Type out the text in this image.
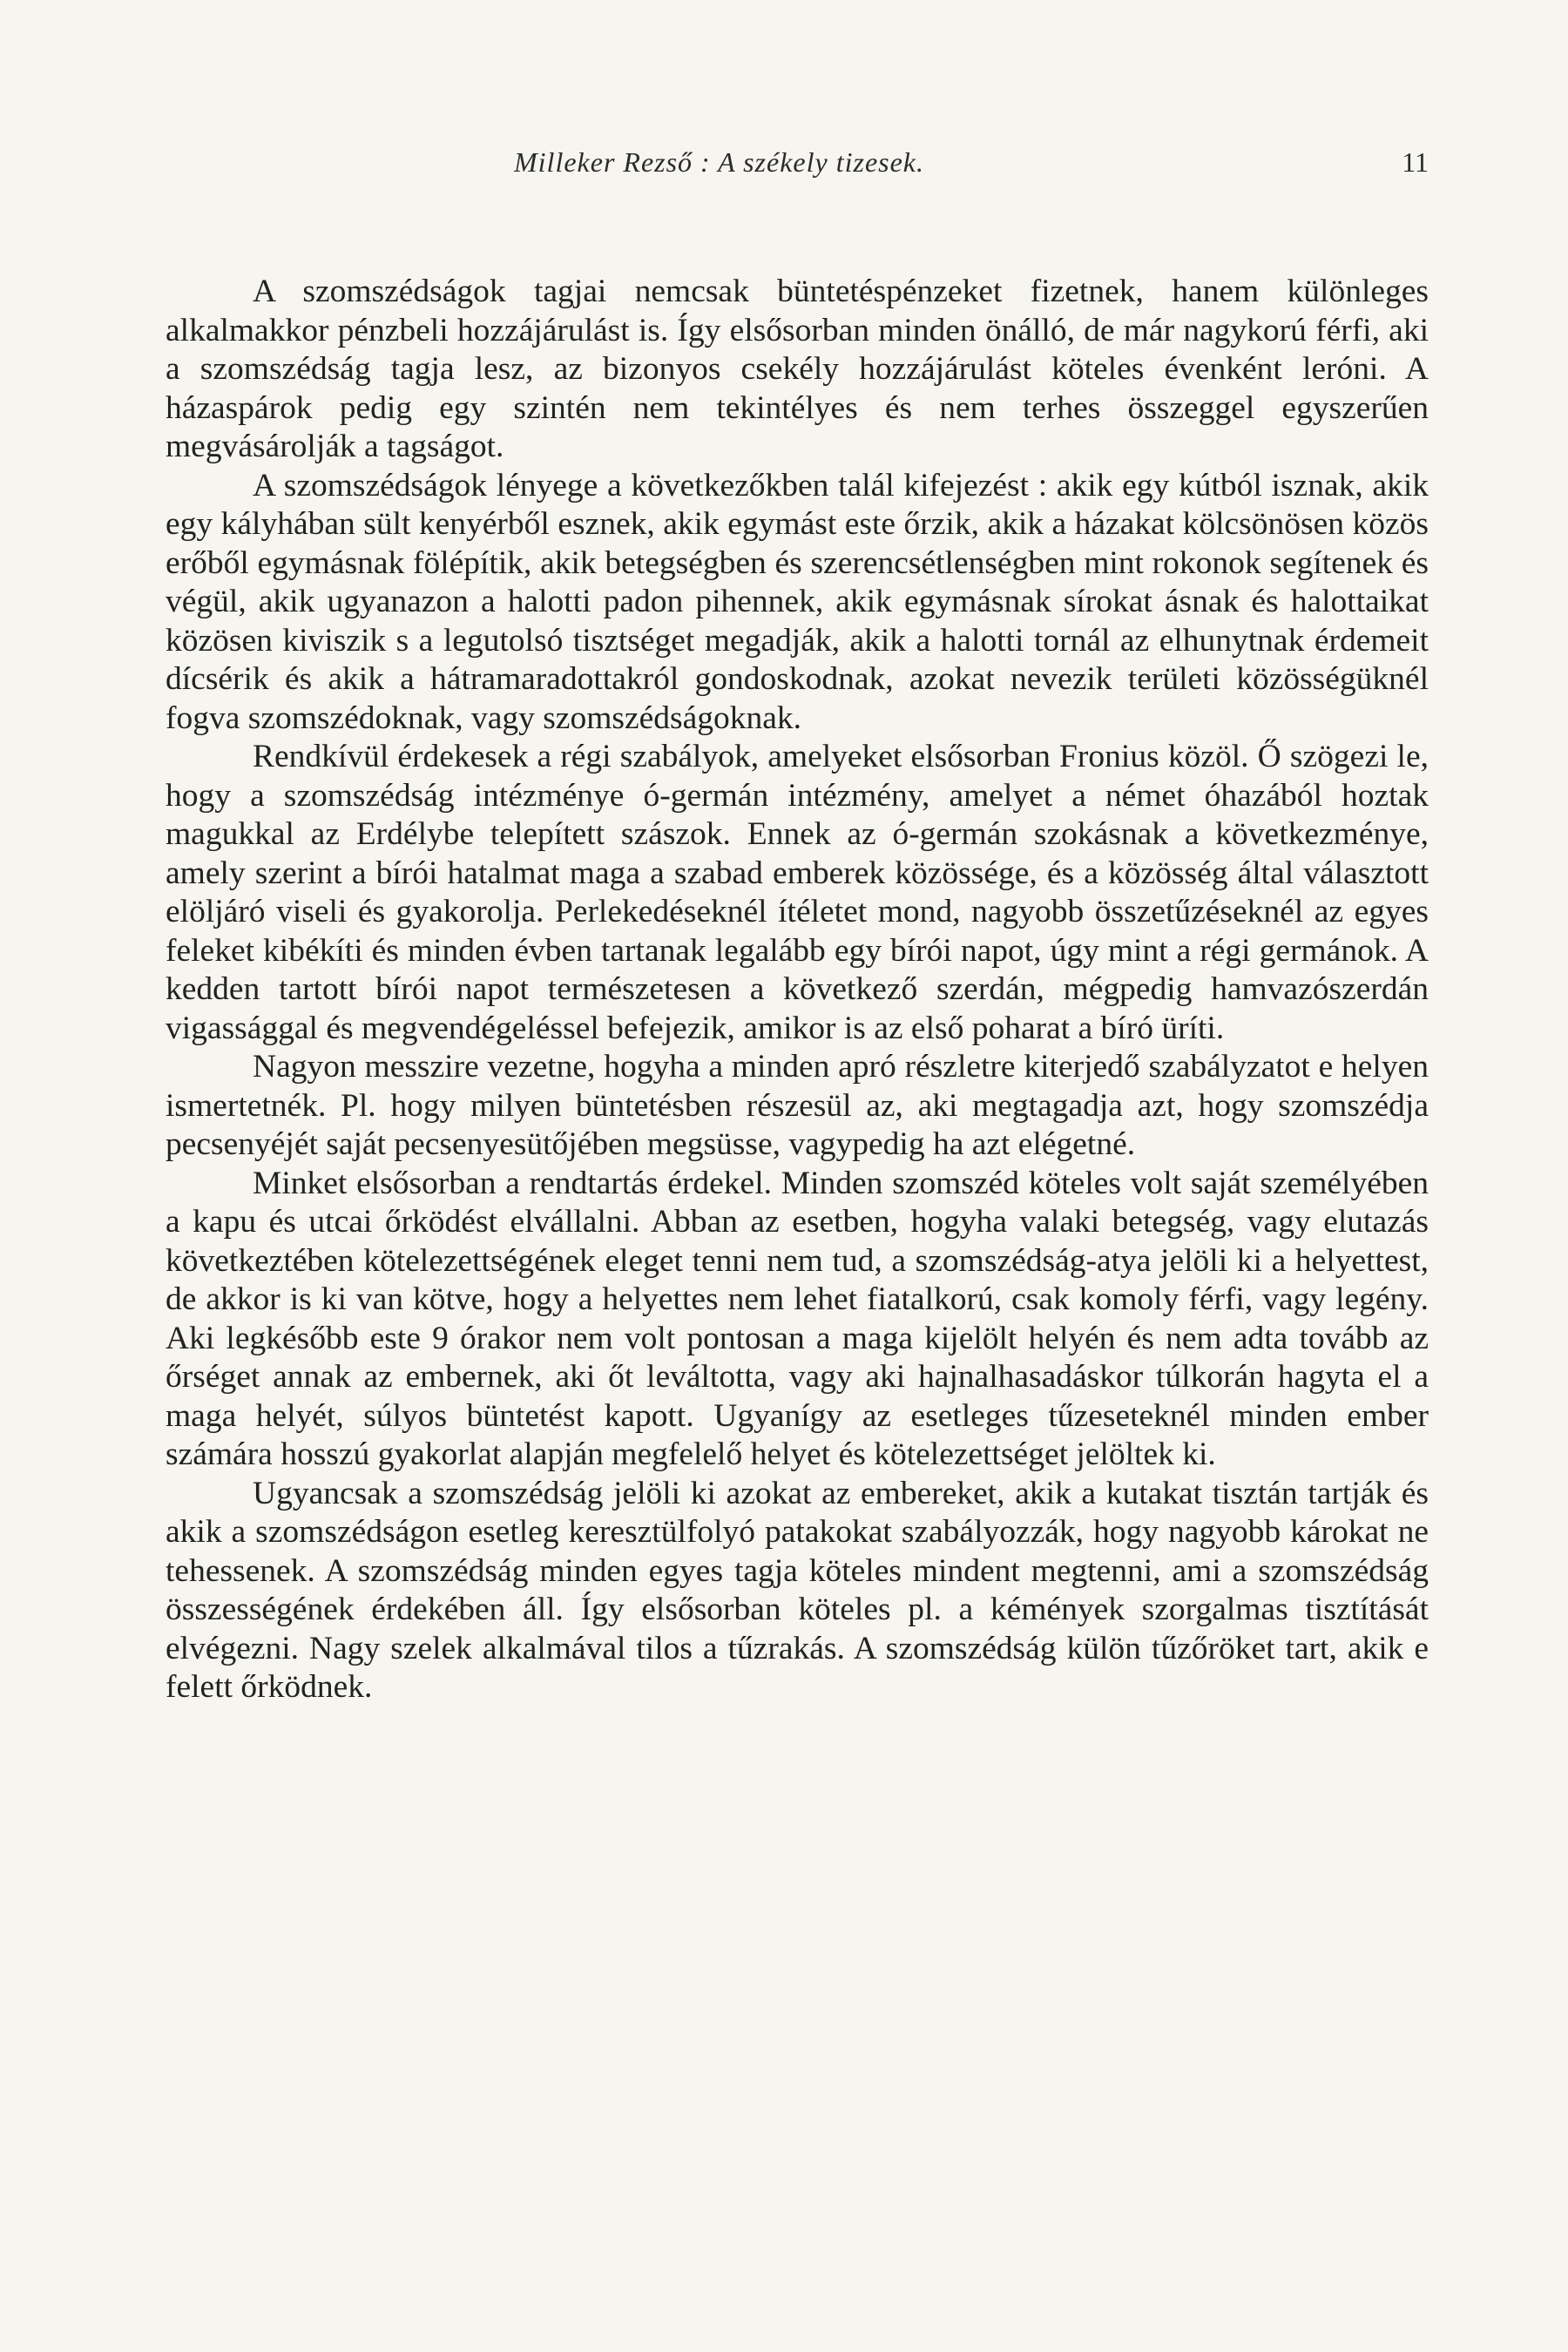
Milleker Rezső : A székely tizesek.	11

A szomszédságok tagjai nemcsak büntetéspénzeket fizetnek, hanem különleges alkalmakkor pénzbeli hozzájárulást is. Így elsősorban minden önálló, de már nagykorú férfi, aki a szomszédság tagja lesz, az bizonyos csekély hozzájárulást köteles évenként leróni. A házaspárok pedig egy szintén nem tekintélyes és nem terhes összeggel egyszerűen megvásárolják a tagságot.

A szomszédságok lényege a következőkben talál kifejezést : akik egy kútból isznak, akik egy kályhában sült kenyérből esznek, akik egymást este őrzik, akik a házakat kölcsönösen közös erőből egymásnak fölépítik, akik betegségben és szerencsétlenségben mint rokonok segítenek és végül, akik ugyanazon a halotti padon pihennek, akik egymásnak sírokat ásnak és halottaikat közösen kiviszik s a legutolsó tisztséget megadják, akik a halotti tornál az elhunytnak érdemeit dícsérik és akik a hátramaradottakról gondoskodnak, azokat nevezik területi közösségüknél fogva szomszédoknak, vagy szomszédságoknak.

Rendkívül érdekesek a régi szabályok, amelyeket elsősorban Fronius közöl. Ő szögezi le, hogy a szomszédság intézménye ó-germán intézmény, amelyet a német óhazából hoztak magukkal az Erdélybe telepített szászok. Ennek az ó-germán szokásnak a következménye, amely szerint a bírói hatalmat maga a szabad emberek közössége, és a közösség által választott elöljáró viseli és gyakorolja. Perlekedéseknél ítéletet mond, nagyobb összetűzéseknél az egyes feleket kibékíti és minden évben tartanak legalább egy bírói napot, úgy mint a régi germánok. A kedden tartott bírói napot természetesen a következő szerdán, mégpedig hamvazószerdán vigassággal és megvendégeléssel befejezik, amikor is az első poharat a bíró üríti.

Nagyon messzire vezetne, hogyha a minden apró részletre kiterjedő szabályzatot e helyen ismertetnék. Pl. hogy milyen büntetésben részesül az, aki megtagadja azt, hogy szomszédja pecsenyéjét saját pecsenyesütőjében megsüsse, vagypedig ha azt elégetné.

Minket elsősorban a rendtartás érdekel. Minden szomszéd köteles volt saját személyében a kapu és utcai őrködést elvállalni. Abban az esetben, hogyha valaki betegség, vagy elutazás következtében kötelezettségének eleget tenni nem tud, a szomszédság-atya jelöli ki a helyettest, de akkor is ki van kötve, hogy a helyettes nem lehet fiatalkorú, csak komoly férfi, vagy legény. Aki legkésőbb este 9 órakor nem volt pontosan a maga kijelölt helyén és nem adta tovább az őrséget annak az embernek, aki őt leváltotta, vagy aki hajnalhasadáskor túlkorán hagyta el a maga helyét, súlyos büntetést kapott. Ugyanígy az esetleges tűzeseteknél minden ember számára hosszú gyakorlat alapján megfelelő helyet és kötelezettséget jelöltek ki.

Ugyancsak a szomszédság jelöli ki azokat az embereket, akik a kutakat tisztán tartják és akik a szomszédságon esetleg keresztülfolyó patakokat szabályozzák, hogy nagyobb károkat ne tehessenek. A szomszédság minden egyes tagja köteles mindent megtenni, ami a szomszédság összességének érdekében áll. Így elsősorban köteles pl. a kémények szorgalmas tisztítását elvégezni. Nagy szelek alkalmával tilos a tűzrakás. A szomszédság külön tűzőröket tart, akik e felett őrködnek.
